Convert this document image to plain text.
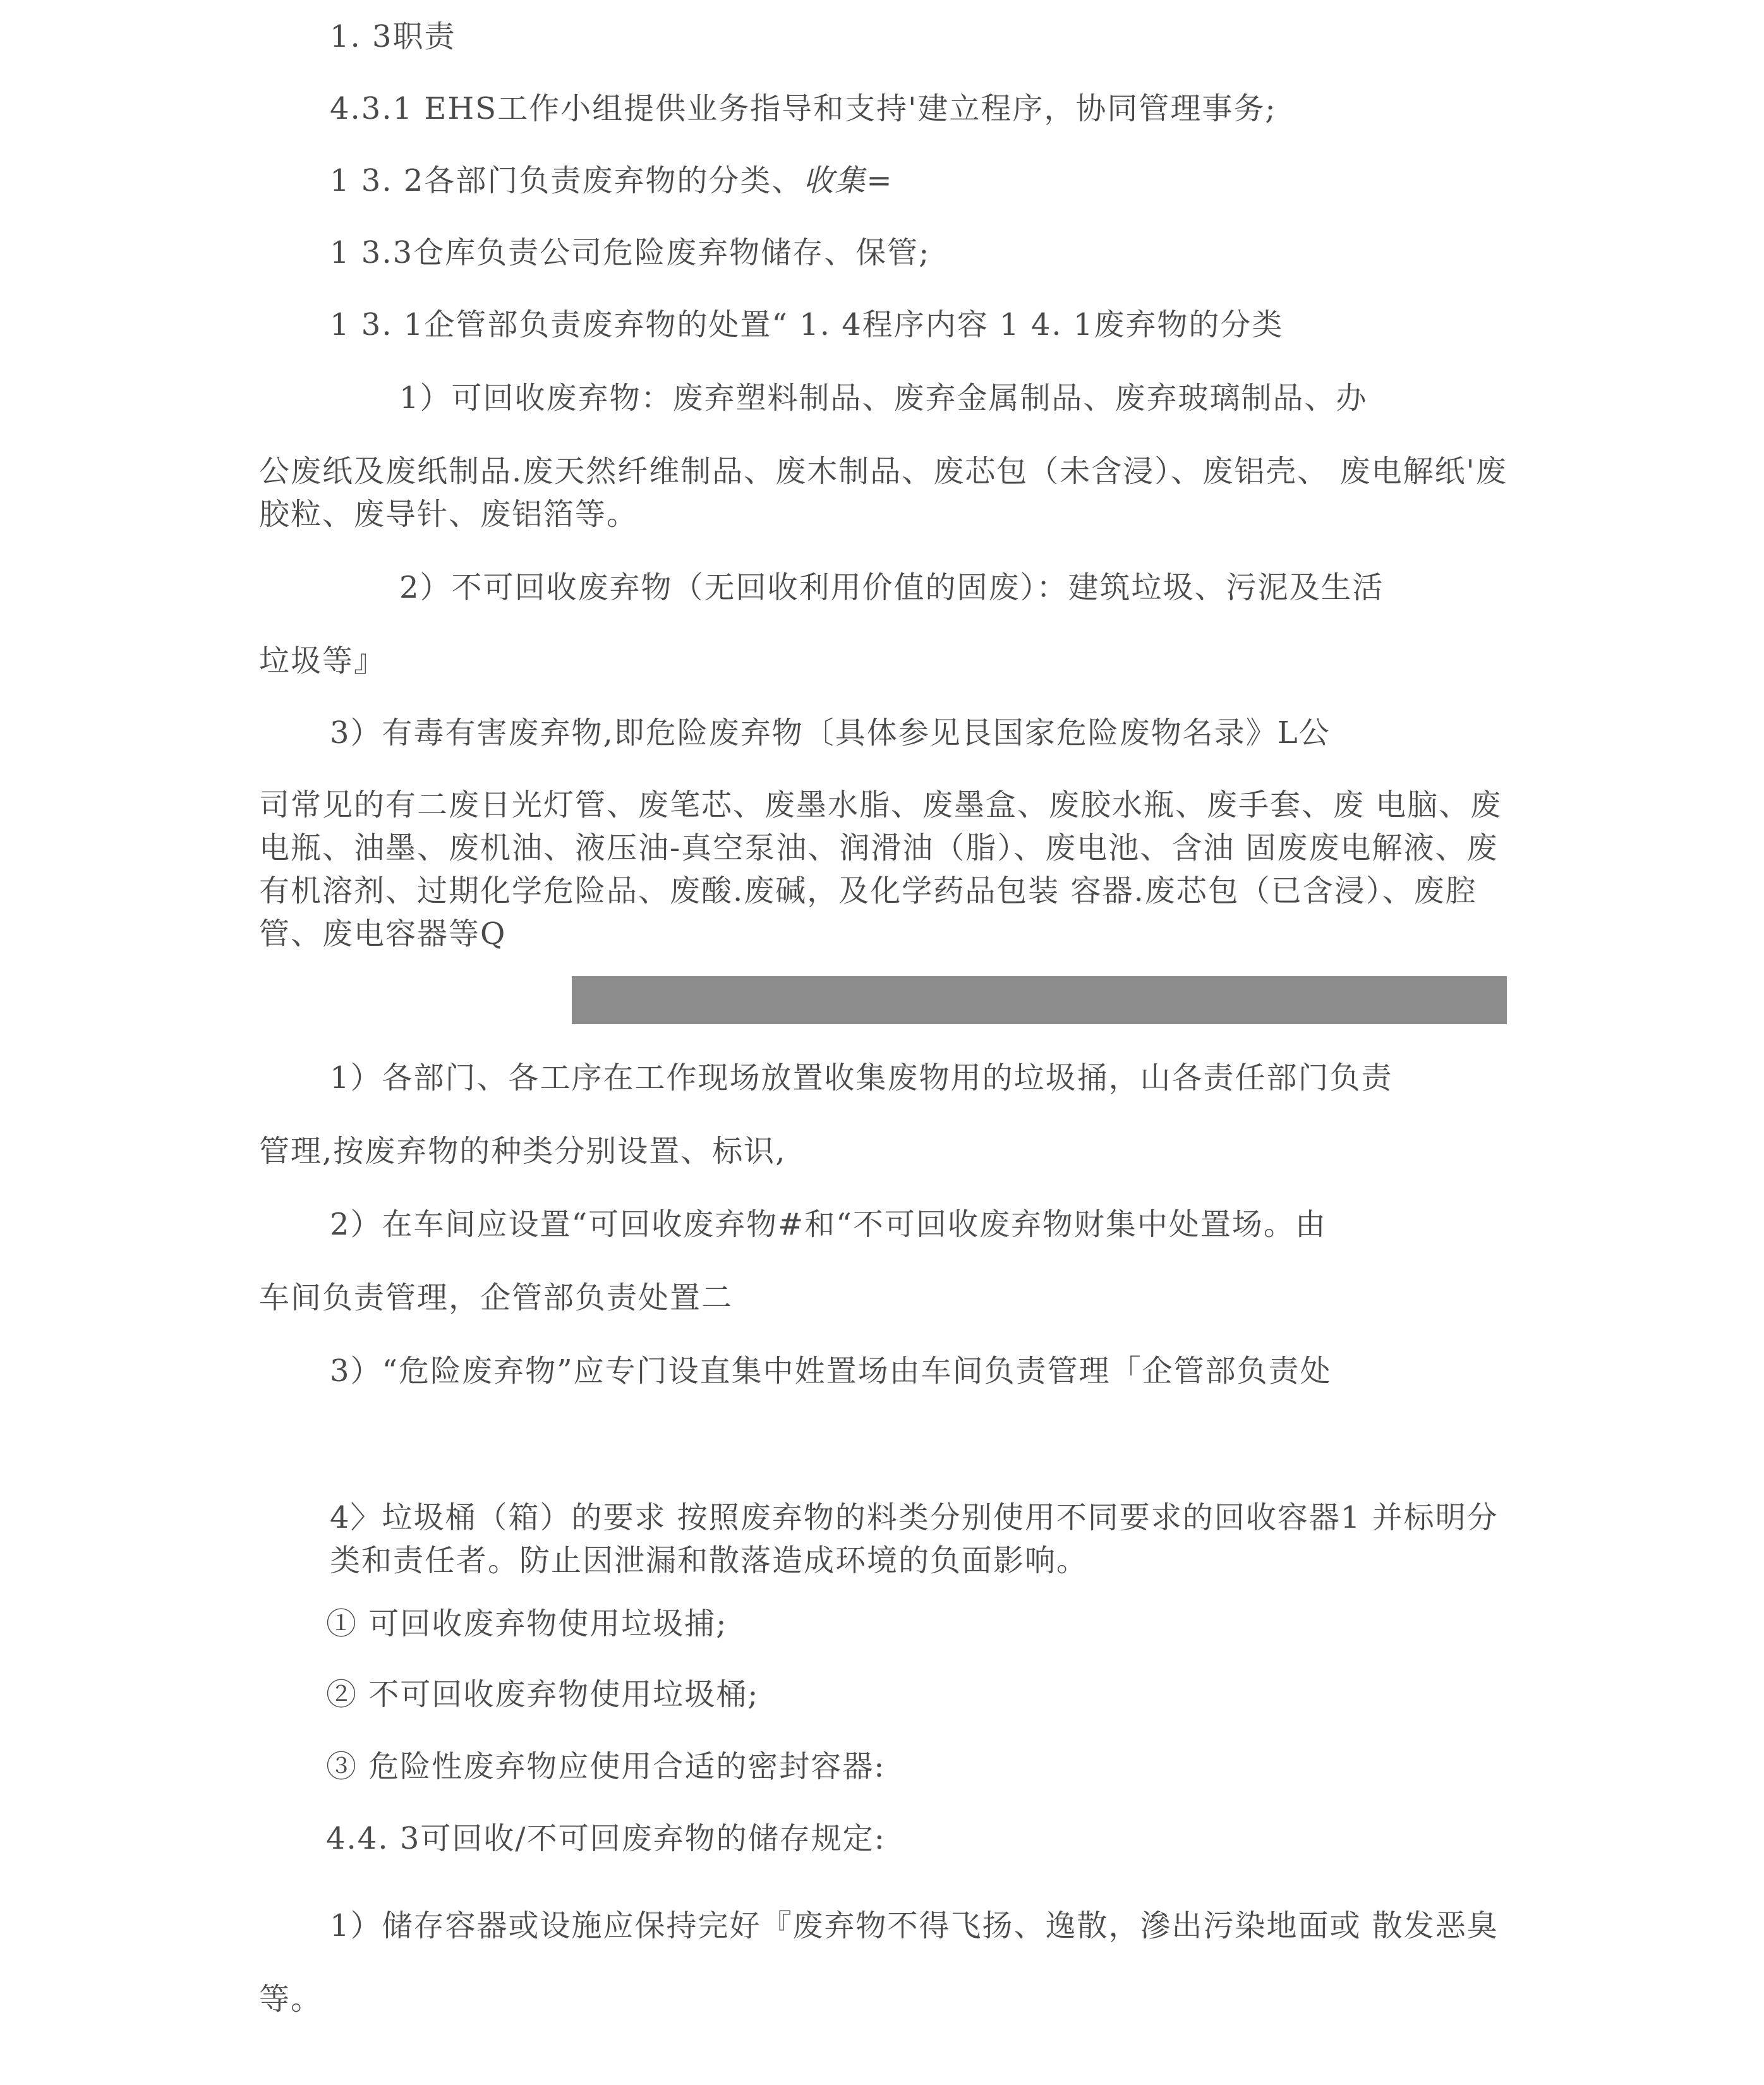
1. 3职责
4.3.1 EHS工作小组提供业务指导和支持'建立程序，协同管理事务;
1 3. 2各部门负责废弃物的分类、收集=
1 3.3仓库负责公司危险废弃物储存、保管;
1 3. 1企管部负责废弃物的处置“ 1. 4程序内容 1 4. 1废弃物的分类
1）可回收废弃物：废弃塑料制品、废弃金属制品、废弃玻璃制品、办
公废纸及废纸制品.废天然纤维制品、废木制品、废芯包（未含浸）、废铝壳、 废电解纸'废胶粒、废导针、废铝箔等。
2）不可回收废弃物（无回收利用价值的固废）：建筑垃圾、污泥及生活
垃圾等』
3）有毒有害废弃物,即危险废弃物〔具体参见艮国家危险废物名录》L公
司常见的有二废日光灯管、废笔芯、废墨水脂、废墨盒、废胶水瓶、废手套、废 电脑、废电瓶、油墨、废机油、液压油-真空泵油、润滑油（脂）、废电池、含油 固废废电解液、废有机溶剂、过期化学危险品、废酸.废碱，及化学药品包装 容器.废芯包（已含浸）、废腔管、废电容器等Q
1）各部门、各工序在工作现场放置收集废物用的垃圾捅，山各责任部门负责
管理,按废弃物的种类分别设置、标识,
2）在车间应设置“可回收废弃物#和“不可回收废弃物财集中处置场。由
车间负责管理，企管部负责处置二
3）“危险废弃物”应专门设直集中姓置场由车间负责管理「企管部负责处
4〉垃圾桶（箱）的要求 按照废弃物的料类分别使用不同要求的回收容器1 并标明分类和责任者。防止因泄漏和散落造成环境的负面影响。
① 可回收废弃物使用垃圾捕;
② 不可回收废弃物使用垃圾桶;
③ 危险性废弃物应使用合适的密封容器:
4.4. 3可回收/不可回废弃物的储存规定:
1）储存容器或设施应保持完好『废弃物不得飞扬、逸散，滲出污染地面或 散发恶臭等。
